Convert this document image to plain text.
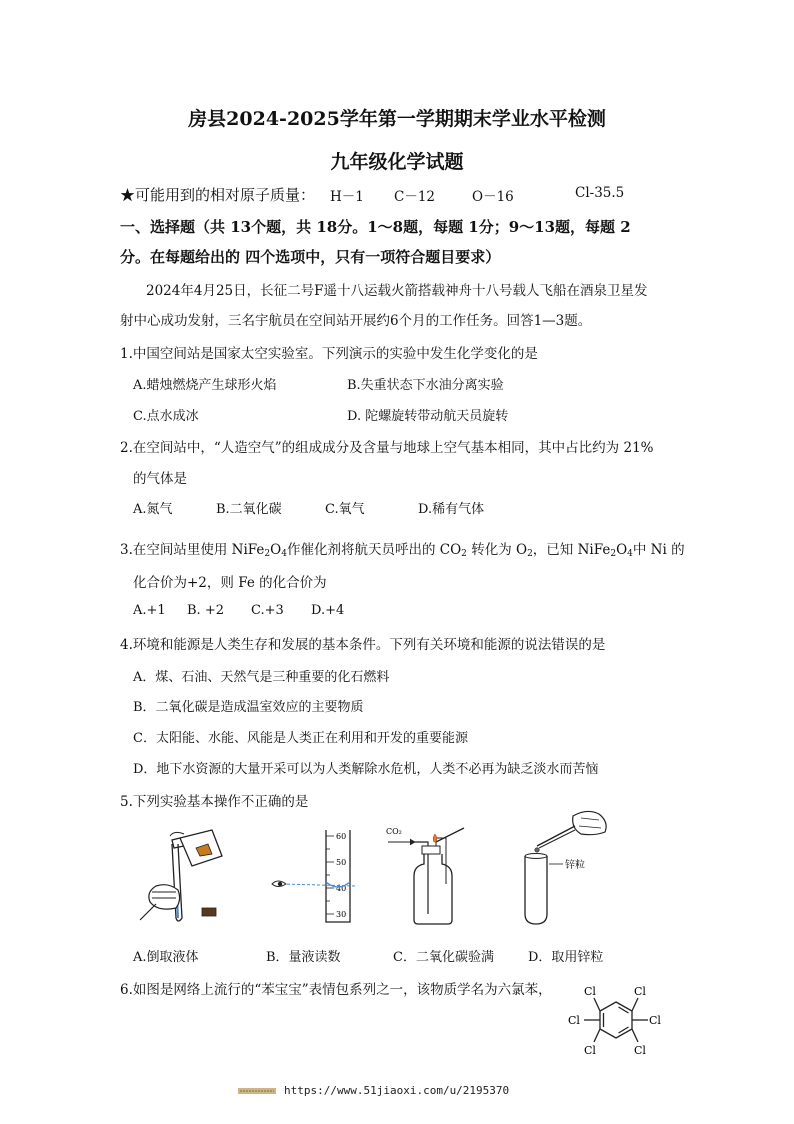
房县2024-2025学年第一学期期末学业水平检测
九年级化学试题
★可能用到的相对原子质量： H－1 C－12	O－16	Cl-35.5
一、选择题（共 13个题，共 18分。1～8题，每题 1分；9～13题，每题 2
分。在每题给出的 四个选项中，只有一项符合题目要求）
2024年4月25日，长征二号F遥十八运载火箭搭载神舟十八号载人飞船在酒泉卫星发
射中心成功发射，三名宇航员在空间站开展约6个月的工作任务。回答1—3题。
1.中国空间站是国家太空实验室。下列演示的实验中发生化学变化的是
A.蜡烛燃烧产生球形火焰	B.失重状态下水油分离实验
C.点水成冰	D. 陀螺旋转带动航天员旋转
2.在空间站中，“人造空气”的组成成分及含量与地球上空气基本相同，其中占比约为 21%
的气体是
A.氮气	B.二氧化碳	C.氧气	D.稀有气体
3.在空间站里使用 $NiFe_2O_4$作催化剂将航天员呼出的 $CO_2$ 转化为 $O_2$，已知 $NiFe_2O_4$中 Ni 的
化合价为+2，则 Fe 的化合价为
A.+1 B. +2 C.+3 D.+4
4.环境和能源是人类生存和发展的基本条件。下列有关环境和能源的说法错误的是
A．煤、石油、天然气是三种重要的化石燃料
B．二氧化碳是造成温室效应的主要物质
C．太阳能、水能、风能是人类正在利用和开发的重要能源
D．地下水资源的大量开采可以为人类解除水危机，人类不必再为缺乏淡水而苦恼
5.下列实验基本操作不正确的是
60
50
40
30
CO₂
锌粒
A.倒取液体	B．量液读数	C．二氧化碳验满	D．取用锌粒
6.如图是网络上流行的“苯宝宝”表情包系列之一，该物质学名为六氯苯，	Cl	Cl
Cl	Cl
Cl	Cl
https://www.51jiaoxi.com/u/2195370
